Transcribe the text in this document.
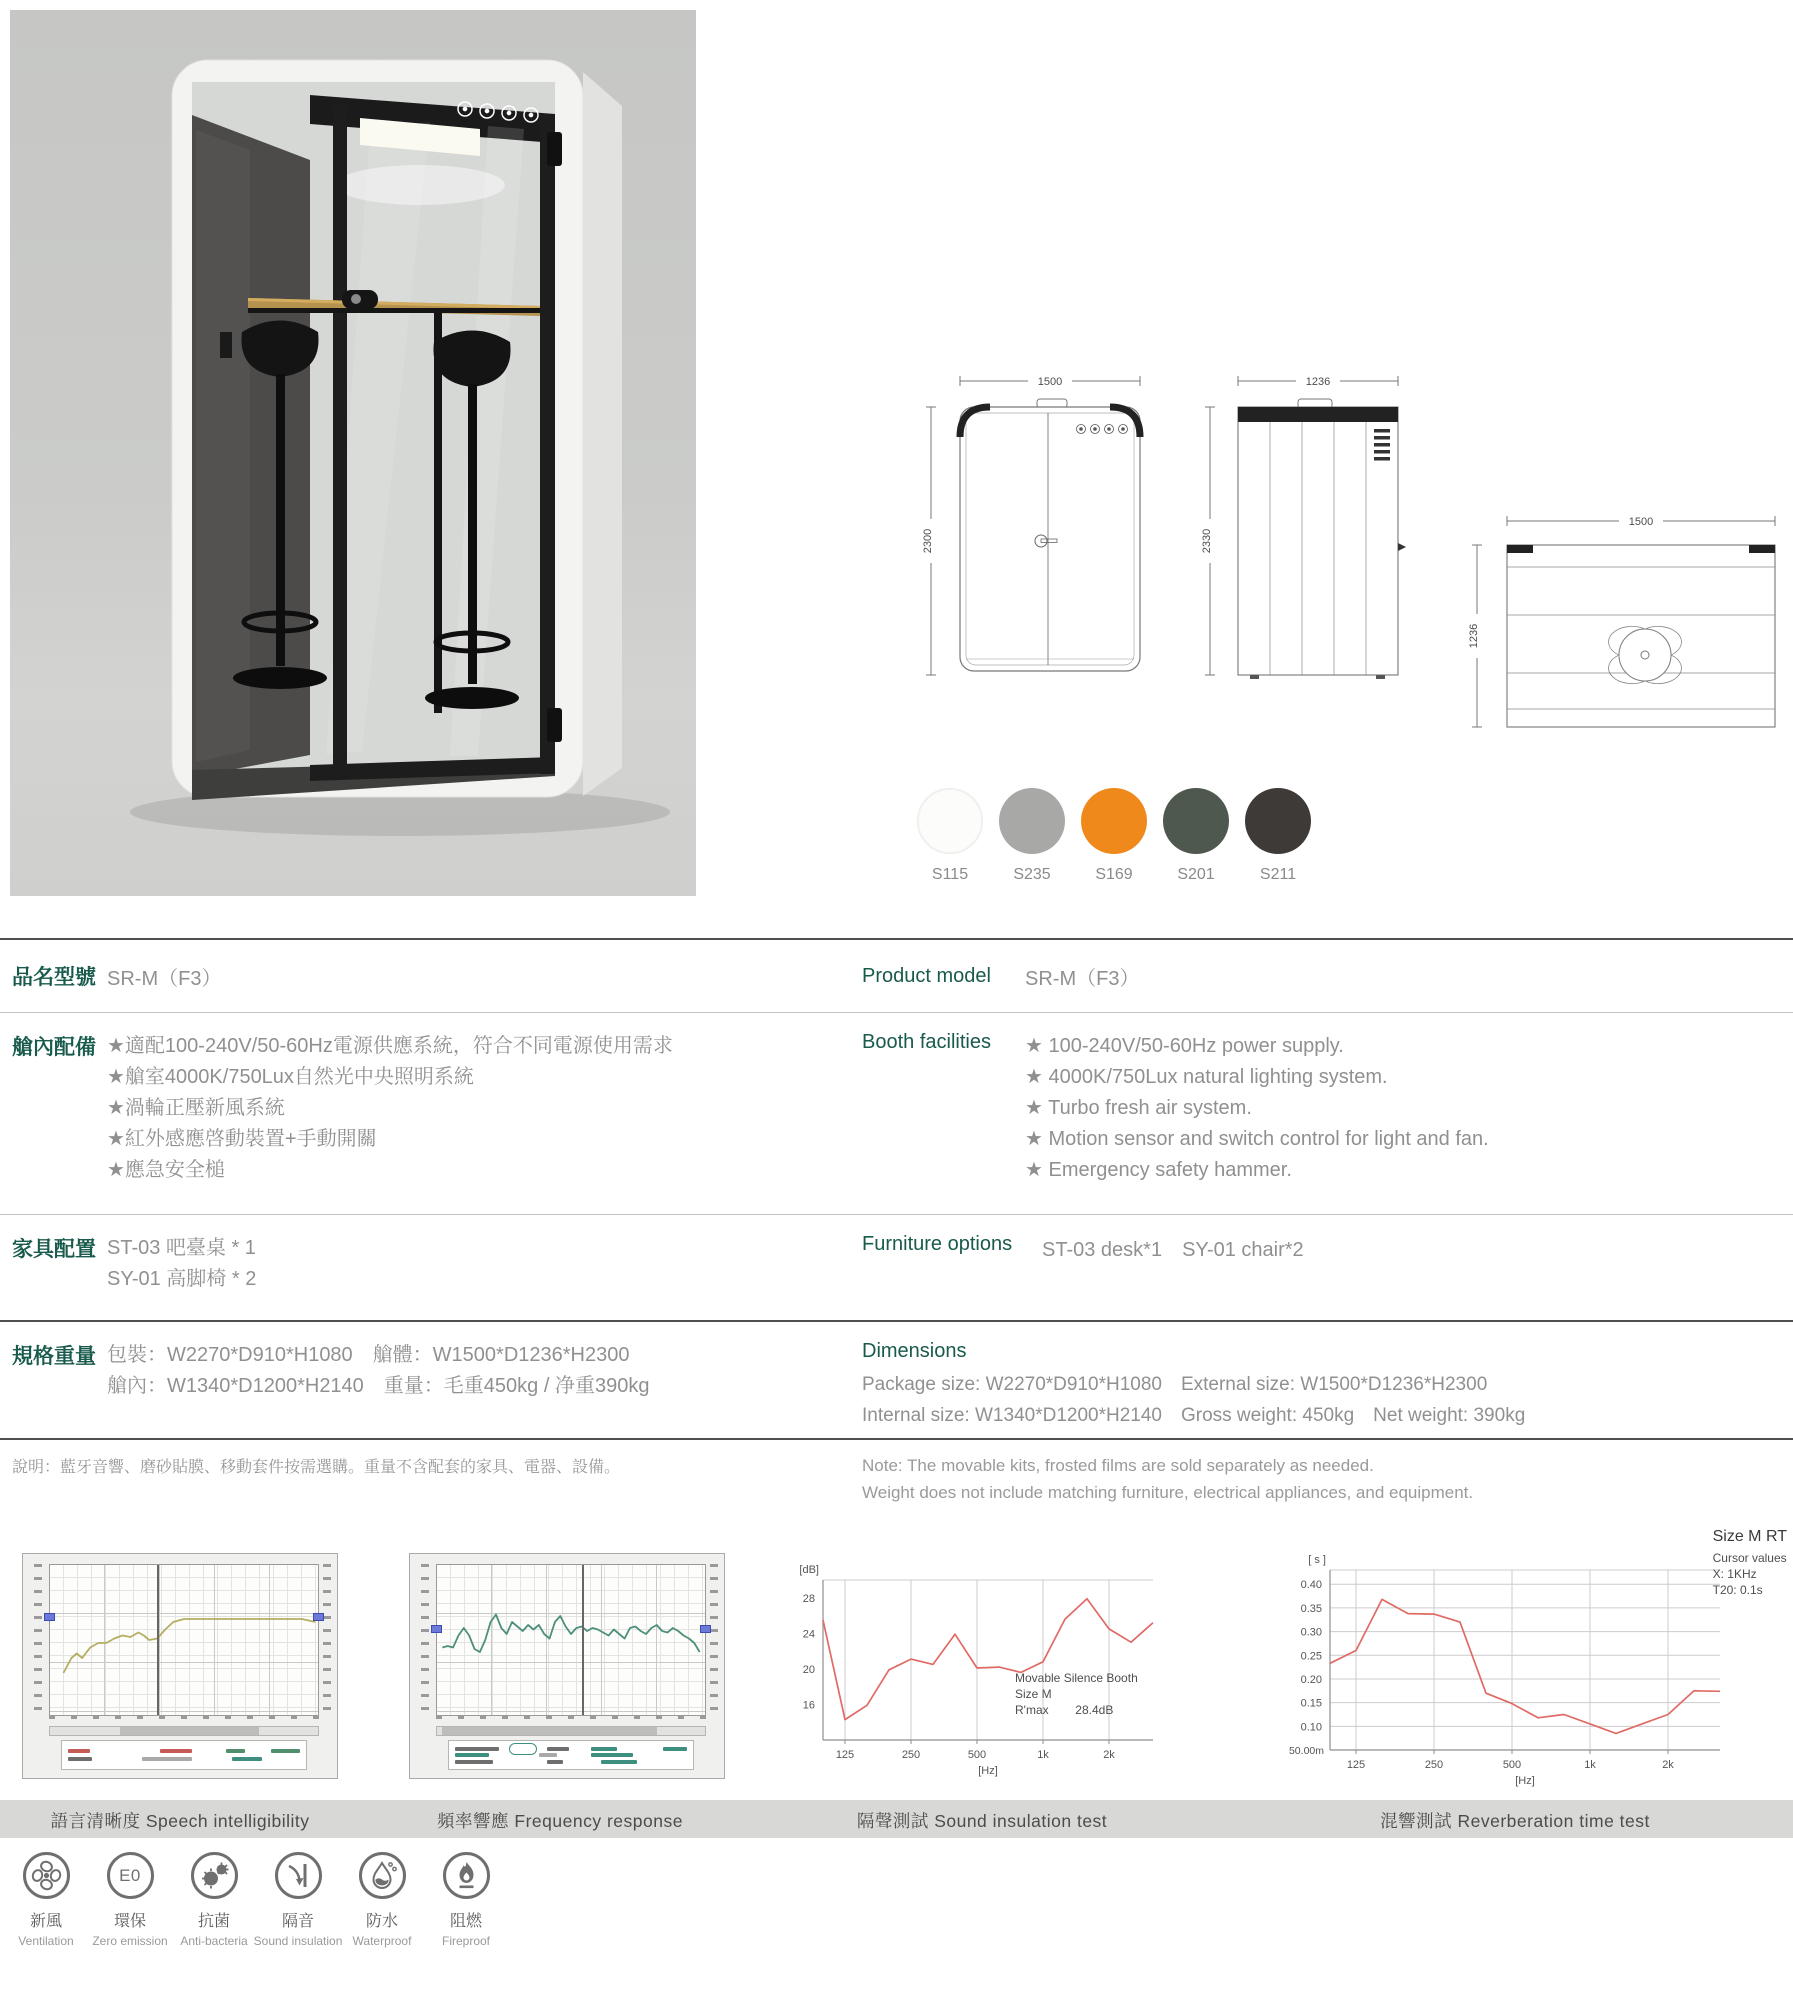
1500
2300
1236
2330
1500
1236
S115	S235	S169	S201	S211
品名型號 SR-M（F3）	Product model	SR-M（F3）
艙內配備 ★適配100-240V/50-60Hz電源供應系統，符合不同電源使用需求
★艙室4000K/750Lux自然光中央照明系統
★渦輪正壓新風系統
★紅外感應啓動裝置+手動開關
★應急安全槌
Booth facilities	★ 100-240V/50-60Hz power supply.
★ 4000K/750Lux natural lighting system.
★ Turbo fresh air system.
★ Motion sensor and switch control for light and fan.
★ Emergency safety hammer.
家具配置 ST-03 吧臺桌 * 1
SY-01 高脚椅 * 2
Furniture options	ST-03 desk*1　SY-01 chair*2
規格重量 包裝：W2270*D910*H1080　艙體：W1500*D1236*H2300
艙內：W1340*D1200*H2140　重量：毛重450kg / 净重390kg
Dimensions
Package size: W2270*D910*H1080　External size: W1500*D1236*H2300
Internal size: W1340*D1200*H2140　Gross weight: 450kg　Net weight: 390kg
說明：藍牙音響、磨砂貼膜、移動套件按需選購。重量不含配套的家具、電器、設備。	Note: The movable kits, frosted films are sold separately as needed.
Weight does not include matching furniture, electrical appliances, and equipment.
28
24
20
16
125	250	500	1k	2k
[dB]
[Hz]
Movable Silence Booth
Size M
R'max        28.4dB
0.40
0.35
0.30
0.25
0.20
0.15
0.10
125	250	500	1k	2k
[ s ]
[Hz]
50.00m
Size M RT
Cursor values
X: 1KHz
T20: 0.1s
語言清晰度 Speech intelligibility	頻率響應 Frequency response	隔聲測試 Sound insulation test	混響測試 Reverberation time test
新風
Ventilation
E0
環保
Zero emission
抗菌
Anti-bacteria
隔音
Sound insulation
防水
Waterproof
阻燃
Fireproof
